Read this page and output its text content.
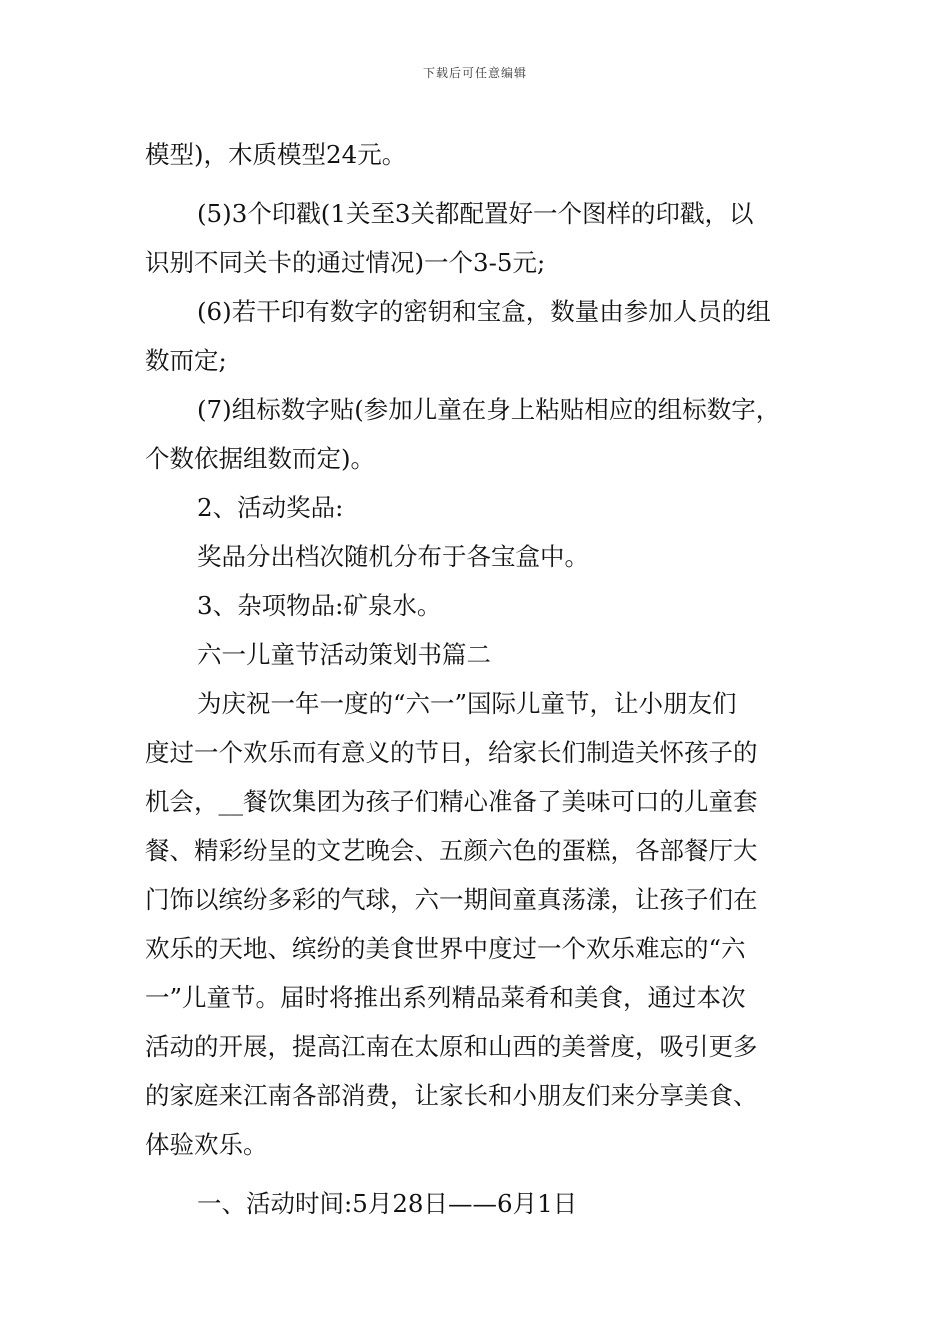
下载后可任意编辑
模型)，木质模型24元。
(5)3个印戳(1关至3关都配置好一个图样的印戳，以
识别不同关卡的通过情况)一个3-5元;
(6)若干印有数字的密钥和宝盒，数量由参加人员的组
数而定;
(7)组标数字贴(参加儿童在身上粘贴相应的组标数字，
个数依据组数而定)。
2、活动奖品:
奖品分出档次随机分布于各宝盒中。
3、杂项物品:矿泉水。
六一儿童节活动策划书篇二
为庆祝一年一度的“六一”国际儿童节，让小朋友们
度过一个欢乐而有意义的节日，给家长们制造关怀孩子的
机会，__餐饮集团为孩子们精心准备了美味可口的儿童套
餐、精彩纷呈的文艺晚会、五颜六色的蛋糕，各部餐厅大
门饰以缤纷多彩的气球，六一期间童真荡漾，让孩子们在
欢乐的天地、缤纷的美食世界中度过一个欢乐难忘的“六
一”儿童节。届时将推出系列精品菜肴和美食，通过本次
活动的开展，提高江南在太原和山西的美誉度，吸引更多
的家庭来江南各部消费，让家长和小朋友们来分享美食、
体验欢乐。
一、活动时间:5月28日——6月1日
